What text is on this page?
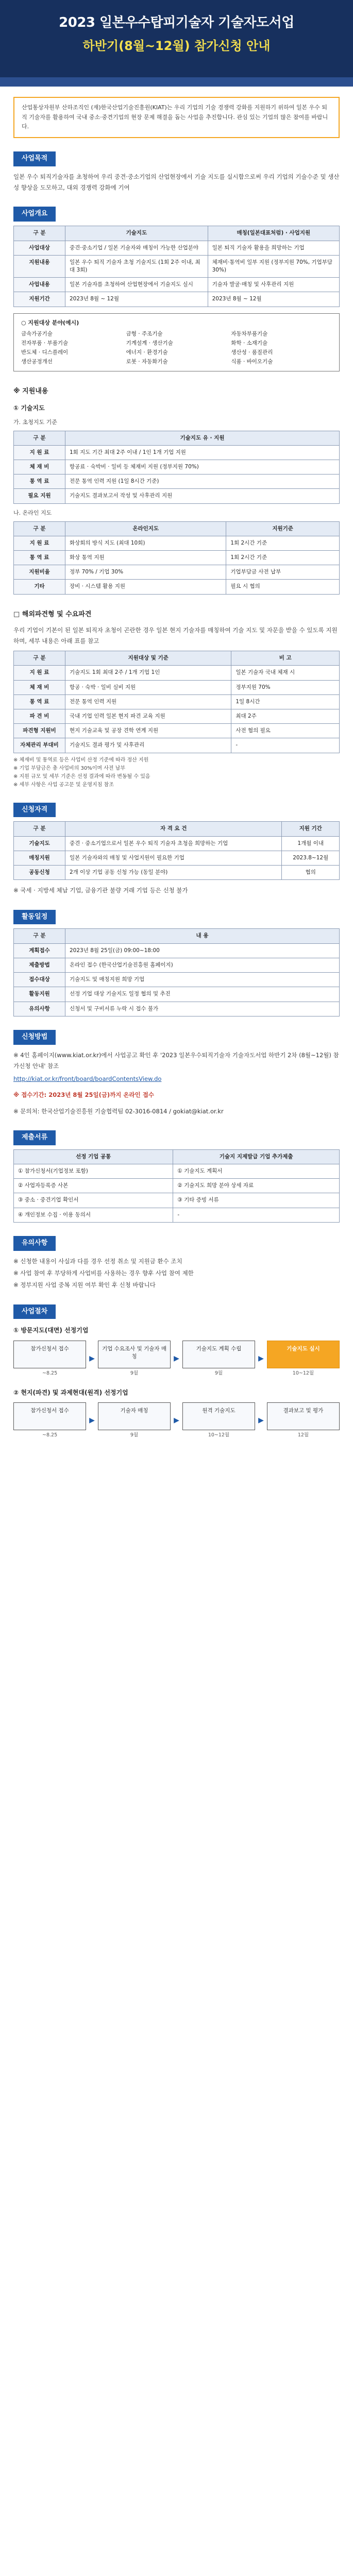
2023 일본우수탑피기술자 기술자도서업
하반기(8월~12월) 참가신청 안내
산업통상자원부 산하조직인 (재)한국산업기술진흥원(KIAT)는 우리 기업의 기술 경쟁력 강화를 지원하기 위하여 일본 우수 퇴직 기술자를 활용하여 국내 중소·중견기업의 현장 문제 해결을 돕는 사업을 추진합니다. 관심 있는 기업의 많은 참여를 바랍니다.
사업목적
일본 우수 퇴직기술자를 초청하여 우리 중견·중소기업의 산업현장에서 기술 지도를 실시함으로써 우리 기업의 기술수준 및 생산성 향상을 도모하고, 대외 경쟁력 강화에 기여
사업개요
구 분	기술지도	매칭(일본대표처럼) · 사업지원
사업대상	중견·중소기업 / 일본 기술자와 매칭이 가능한 산업분야	일본 퇴직 기술자 활용을 희망하는 기업
지원내용	일본 우수 퇴직 기술자 초청 기술지도 (1회 2주 이내, 최대 3회)	체재비·통역비 일부 지원 (정부지원 70%, 기업부담 30%)
사업내용	일본 기술자를 초청하여 산업현장에서 기술지도 실시	기술자 발굴·매칭 및 사후관리 지원
지원기간	2023년 8월 ~ 12월	2023년 8월 ~ 12월
○ 지원대상 분야(예시)
금속가공기술	금형 · 주조기술	자동차부품기술
전자부품 · 부품기술	기계설계 · 생산기술	화학 · 소재기술
반도체 · 디스플레이	에너지 · 환경기술	생산성 · 품질관리
생산공정개선	로봇 · 자동화기술	식품 · 바이오기술
※ 지원내용
① 기술지도
가. 초청지도 기준
구 분	기술지도 유 · 지원
지 원 료	1회 지도 기간 최대 2주 이내 / 1인 1개 기업 지원
체 재 비	항공료 · 숙박비 · 일비 등 체재비 지원 (정부지원 70%)
통 역 료	전문 통역 인력 지원 (1일 8시간 기준)
필요 지원	기술지도 결과보고서 작성 및 사후관리 지원
나. 온라인 지도
구 분	온라인지도	지원기준
지 원 료	화상회의 방식 지도 (최대 10회)	1회 2시간 기준
통 역 료	화상 통역 지원	1회 2시간 기준
지원비율	정부 70% / 기업 30%	기업부담금 사전 납부
기타	장비 · 시스템 활용 지원	필요 시 협의
□ 해외파견형 및 수요파견
우리 기업이 기본이 된 일본 퇴직자 초청이 곤란한 경우 일본 현지 기술자를 매칭하여 기술 지도 및 자문을 받을 수 있도록 지원하며, 세부 내용은 아래 표를 참고
구 분	지원대상 및 기준	비 고
지 원 료	기술지도 1회 최대 2주 / 1개 기업 1인	일본 기술자 국내 체재 시
체 재 비	항공 · 숙박 · 일비 실비 지원	정부지원 70%
통 역 료	전문 통역 인력 지원	1일 8시간
파 견 비	국내 기업 인력 일본 현지 파견 교육 지원	최대 2주
파견형 지원비	현지 기술교육 및 공장 견학 연계 지원	사전 협의 필요
자체관리 부대비	기술지도 결과 평가 및 사후관리	-
※ 체재비 및 통역료 등은 사업비 산정 기준에 따라 정산 지원
※ 기업 부담금은 총 사업비의 30%이며 사전 납부
※ 지원 규모 및 세부 기준은 선정 결과에 따라 변동될 수 있음
※ 세부 사항은 사업 공고문 및 운영지침 참조
신청자격
구 분	자 격 요 건	지원 기간
기술지도	중견 · 중소기업으로서 일본 우수 퇴직 기술자 초청을 희망하는 기업	1개월 이내
매칭지원	일본 기술자와의 매칭 및 사업지원이 필요한 기업	2023.8~12월
공동신청	2개 이상 기업 공동 신청 가능 (동일 분야)	협의
※ 국세 · 지방세 체납 기업, 금융기관 불량 거래 기업 등은 신청 불가
활동일정
구 분	내 용
계획접수	2023년 8월 25일(금) 09:00~18:00
제출방법	온라인 접수 (한국산업기술진흥원 홈페이지)
접수대상	기술지도 및 매칭지원 희망 기업
활동지원	선정 기업 대상 기술지도 일정 협의 및 추진
유의사항	신청서 및 구비서류 누락 시 접수 불가
신청방법
※ 4인 홈페이지(www.kiat.or.kr)에서 사업공고 확인 후 '2023 일본우수퇴직기술자 기술자도서업 하반기 2차 (8월~12월) 참가신청 안내' 참조
http://kiat.or.kr/front/board/boardContentsView.do
※ 접수기간: 2023년 8월 25일(금)까지 온라인 접수
※ 문의처: 한국산업기술진흥원 기술협력팀 02-3016-0814 / gokiat@kiat.or.kr
제출서류
선정 기업 공통	기술지 지제발급 기업 추가제출
① 참가신청서(기업정보 포함)	① 기술지도 계획서
② 사업자등록증 사본	② 기술지도 희망 분야 상세 자료
③ 중소 · 중견기업 확인서	③ 기타 증빙 서류
④ 개인정보 수집 · 이용 동의서	-
유의사항
※ 신청한 내용이 사실과 다를 경우 선정 취소 및 지원금 환수 조치
※ 사업 참여 후 부당하게 사업비를 사용하는 경우 향후 사업 참여 제한
※ 정부지원 사업 중복 지원 여부 확인 후 신청 바랍니다
사업절차
① 방문지도(대면) 선정기업
참가신청서 접수
~8.25
▶
기업 수요조사 및 기술자 매칭
9월
▶
기술지도 계획 수립
9월
▶
기술지도 실시
10~12월
② 현지(파견) 및 과제현대(원격) 선정기업
참가신청서 접수
~8.25
▶
기술자 매칭
9월
▶
원격 기술지도
10~12월
▶
결과보고 및 평가
12월
